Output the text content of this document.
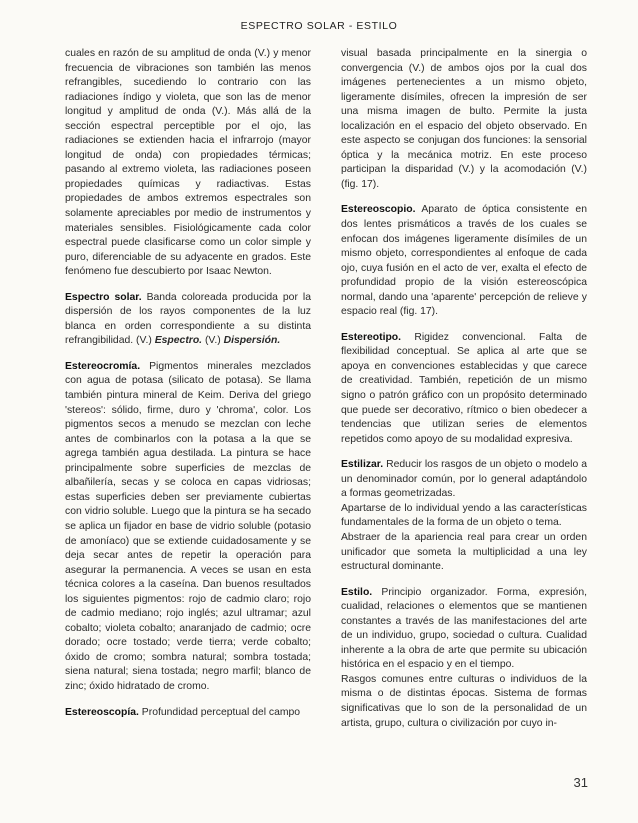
ESPECTRO SOLAR - ESTILO

cuales en razón de su amplitud de onda (V.) y menor frecuencia de vibraciones son también las menos refrangibles, sucediendo lo contrario con las radiaciones índigo y violeta, que son las de menor longitud y amplitud de onda (V.). Más allá de la sección espectral perceptible por el ojo, las radiaciones se extienden hacia el infrarrojo (mayor longitud de onda) con propiedades térmicas; pasando al extremo violeta, las radiaciones poseen propiedades químicas y radiactivas. Estas propiedades de ambos extremos espectrales son solamente apreciables por medio de instrumentos y materiales sensibles. Fisiológicamente cada color espectral puede clasificarse como un color simple y puro, diferenciable de su adyacente en grados. Este fenómeno fue descubierto por Isaac Newton.

Espectro solar. Banda coloreada producida por la dispersión de los rayos componentes de la luz blanca en orden correspondiente a su distinta refrangibilidad. (V.) Espectro. (V.) Dispersión.

Estereocromía. Pigmentos minerales mezclados con agua de potasa (silicato de potasa). Se llama también pintura mineral de Keim. Deriva del griego 'stereos': sólido, firme, duro y 'chroma', color. Los pigmentos secos a menudo se mezclan con leche antes de combinarlos con la potasa a la que se agrega también agua destilada. La pintura se hace principalmente sobre superficies de mezclas de albañilería, secas y se coloca en capas vidriosas; estas superficies deben ser previamente cubiertas con vidrio soluble. Luego que la pintura se ha secado se aplica un fijador en base de vidrio soluble (potasio de amoníaco) que se extiende cuidadosamente y se deja secar antes de repetir la operación para asegurar la permanencia. A veces se usan en esta técnica colores a la caseína. Dan buenos resultados los siguientes pigmentos: rojo de cadmio claro; rojo de cadmio mediano; rojo inglés; azul ultramar; azul cobalto; violeta cobalto; anaranjado de cadmio; ocre dorado; ocre tostado; verde tierra; verde cobalto; óxido de cromo; sombra natural; sombra tostada; siena natural; siena tostada; negro marfil; blanco de zinc; óxido hidratado de cromo.

Estereoscopía. Profundidad perceptual del campo

visual basada principalmente en la sinergia o convergencia (V.) de ambos ojos por la cual dos imágenes pertenecientes a un mismo objeto, ligeramente disímiles, ofrecen la impresión de ser una misma imagen de bulto. Permite la justa localización en el espacio del objeto observado. En este aspecto se conjugan dos funciones: la sensorial óptica y la mecánica motriz. En este proceso participan la disparidad (V.) y la acomodación (V.) (fig. 17).

Estereoscopio. Aparato de óptica consistente en dos lentes prismáticos a través de los cuales se enfocan dos imágenes ligeramente disímiles de un mismo objeto, correspondientes al enfoque de cada ojo, cuya fusión en el acto de ver, exalta el efecto de profundidad propio de la visión estereoscópica normal, dando una 'aparente' percepción de relieve y espacio real (fig. 17).

Estereotipo. Rigidez convencional. Falta de flexibilidad conceptual. Se aplica al arte que se apoya en convenciones establecidas y que carece de creatividad. También, repetición de un mismo signo o patrón gráfico con un propósito determinado que puede ser decorativo, rítmico o bien obedecer a tendencias que utilizan series de elementos repetidos como apoyo de su modalidad expresiva.

Estilizar. Reducir los rasgos de un objeto o modelo a un denominador común, por lo general adaptándolo a formas geometrizadas.
Apartarse de lo individual yendo a las características fundamentales de la forma de un objeto o tema.
Abstraer de la apariencia real para crear un orden unificador que someta la multiplicidad a una ley estructural dominante.

Estilo. Principio organizador. Forma, expresión, cualidad, relaciones o elementos que se mantienen constantes a través de las manifestaciones del arte de un individuo, grupo, sociedad o cultura. Cualidad inherente a la obra de arte que permite su ubicación histórica en el espacio y en el tiempo.
Rasgos comunes entre culturas o individuos de la misma o de distintas épocas. Sistema de formas significativas que lo son de la personalidad de un artista, grupo, cultura o civilización por cuyo in-

31
